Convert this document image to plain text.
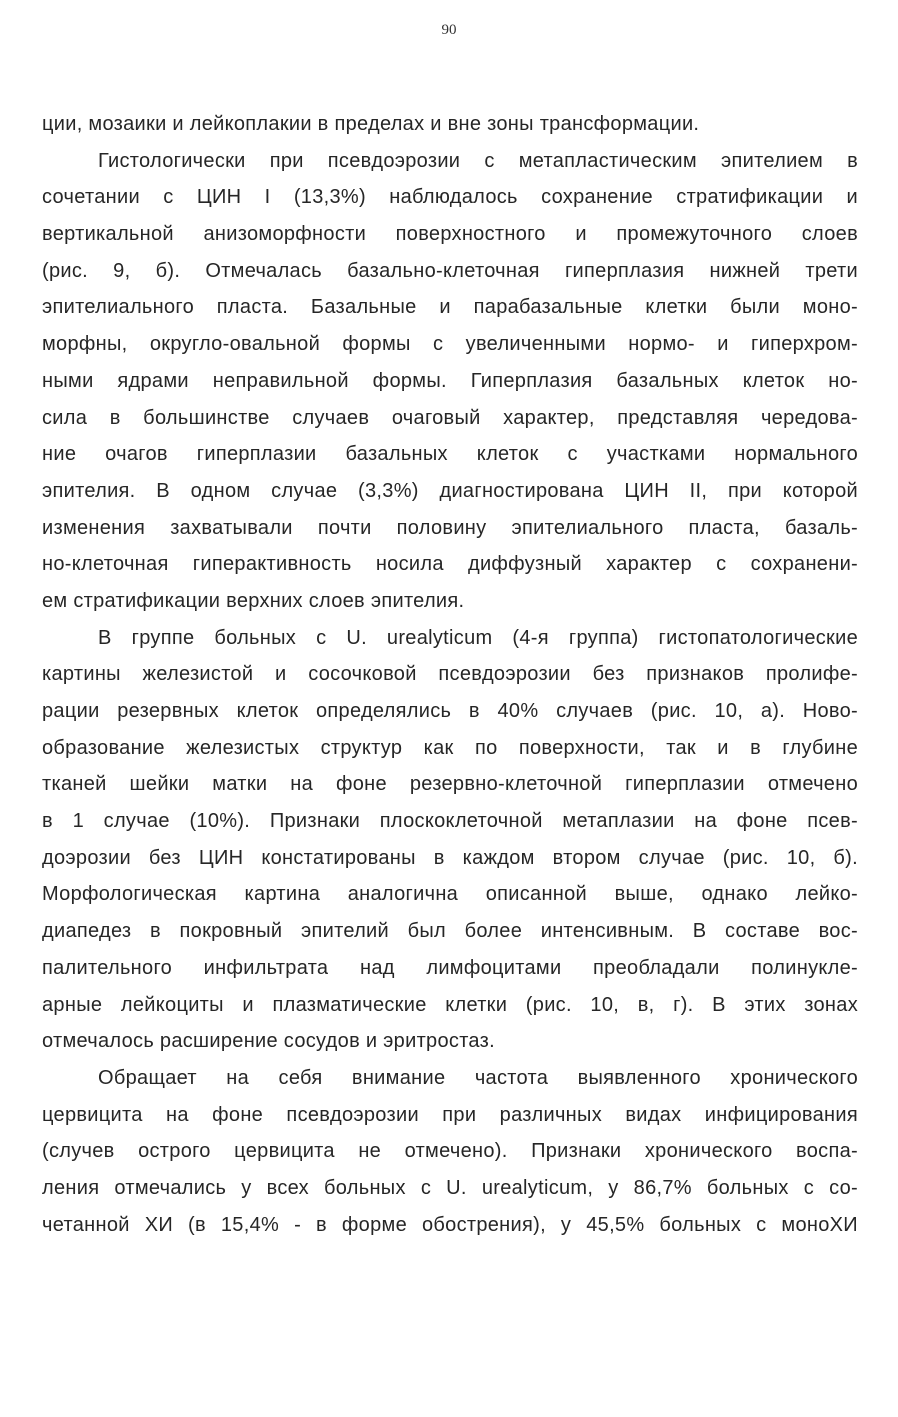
90
ции, мозаики и лейкоплакии в пределах и вне зоны трансформации.
Гистологически при псевдоэрозии с метапластическим эпителием в
сочетании с ЦИН I (13,3%) наблюдалось сохранение стратификации и
вертикальной анизоморфности поверхностного и промежуточного слоев
(рис. 9, б). Отмечалась базально-клеточная гиперплазия нижней трети
эпителиального пласта. Базальные и парабазальные клетки были моно-
морфны, округло-овальной формы с увеличенными нормо- и гиперхром-
ными ядрами неправильной формы. Гиперплазия базальных клеток но-
сила в большинстве случаев очаговый характер, представляя чередова-
ние очагов гиперплазии базальных клеток с участками нормального
эпителия. В одном случае (3,3%) диагностирована ЦИН II, при которой
изменения захватывали почти половину эпителиального пласта, базаль-
но-клеточная гиперактивность носила диффузный характер с сохранени-
ем стратификации верхних слоев эпителия.
В группе больных с U. urealyticum (4-я группа) гистопатологические
картины железистой и сосочковой псевдоэрозии без признаков пролифе-
рации резервных клеток определялись в 40% случаев (рис. 10, а). Ново-
образование железистых структур как по поверхности, так и в глубине
тканей шейки матки на фоне резервно-клеточной гиперплазии отмечено
в 1 случае (10%). Признаки плоскоклеточной метаплазии на фоне псев-
доэрозии без ЦИН констатированы в каждом втором случае (рис. 10, б).
Морфологическая картина аналогична описанной выше, однако лейко-
диапедез в покровный эпителий был более интенсивным. В составе вос-
палительного инфильтрата над лимфоцитами преобладали полинукле-
арные лейкоциты и плазматические клетки (рис. 10, в, г). В этих зонах
отмечалось расширение сосудов и эритростаз.
Обращает на себя внимание частота выявленного хронического
цервицита на фоне псевдоэрозии при различных видах инфицирования
(случев острого цервицита не отмечено). Признаки хронического воспа-
ления отмечались у всех больных с U. urealyticum, у 86,7% больных с со-
четанной ХИ (в 15,4% - в форме обострения), у 45,5% больных с моноХИ
